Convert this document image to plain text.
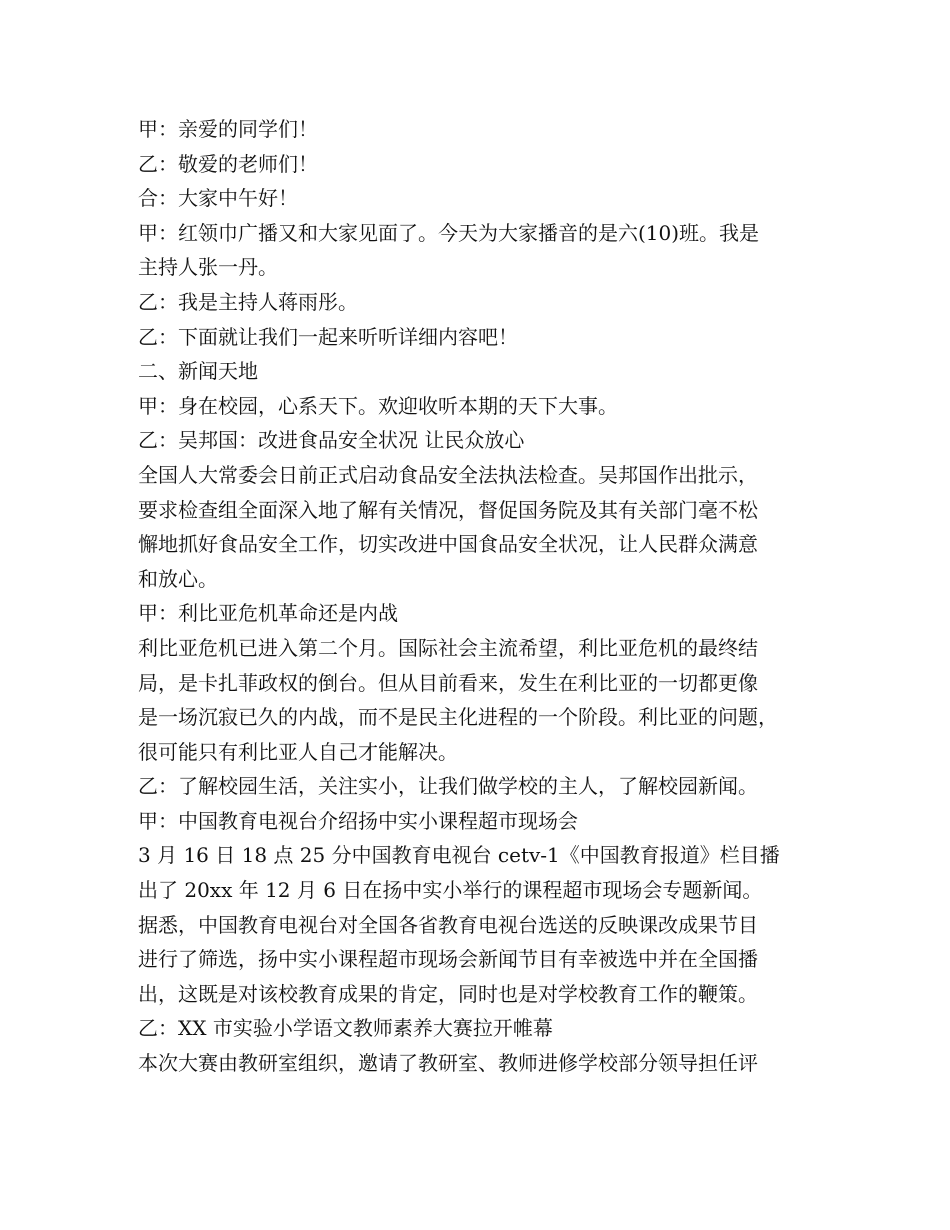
甲：亲爱的同学们！
乙：敬爱的老师们！
合：大家中午好！
甲：红领巾广播又和大家见面了。今天为大家播音的是六(10)班。我是
主持人张一丹。
乙：我是主持人蒋雨彤。
乙：下面就让我们一起来听听详细内容吧！
二、新闻天地
甲：身在校园，心系天下。欢迎收听本期的天下大事。
乙：吴邦国：改进食品安全状况 让民众放心
全国人大常委会日前正式启动食品安全法执法检查。吴邦国作出批示，
要求检查组全面深入地了解有关情况，督促国务院及其有关部门毫不松
懈地抓好食品安全工作，切实改进中国食品安全状况，让人民群众满意
和放心。
甲：利比亚危机革命还是内战
利比亚危机已进入第二个月。国际社会主流希望，利比亚危机的最终结
局，是卡扎菲政权的倒台。但从目前看来，发生在利比亚的一切都更像
是一场沉寂已久的内战，而不是民主化进程的一个阶段。利比亚的问题，
很可能只有利比亚人自己才能解决。
乙：了解校园生活，关注实小，让我们做学校的主人，了解校园新闻。
甲：中国教育电视台介绍扬中实小课程超市现场会
3 月 16 日 18 点 25 分中国教育电视台 cetv-1《中国教育报道》栏目播
出了 20xx 年 12 月 6 日在扬中实小举行的课程超市现场会专题新闻。
据悉，中国教育电视台对全国各省教育电视台选送的反映课改成果节目
进行了筛选，扬中实小课程超市现场会新闻节目有幸被选中并在全国播
出，这既是对该校教育成果的肯定，同时也是对学校教育工作的鞭策。
乙：XX 市实验小学语文教师素养大赛拉开帷幕
本次大赛由教研室组织，邀请了教研室、教师进修学校部分领导担任评
